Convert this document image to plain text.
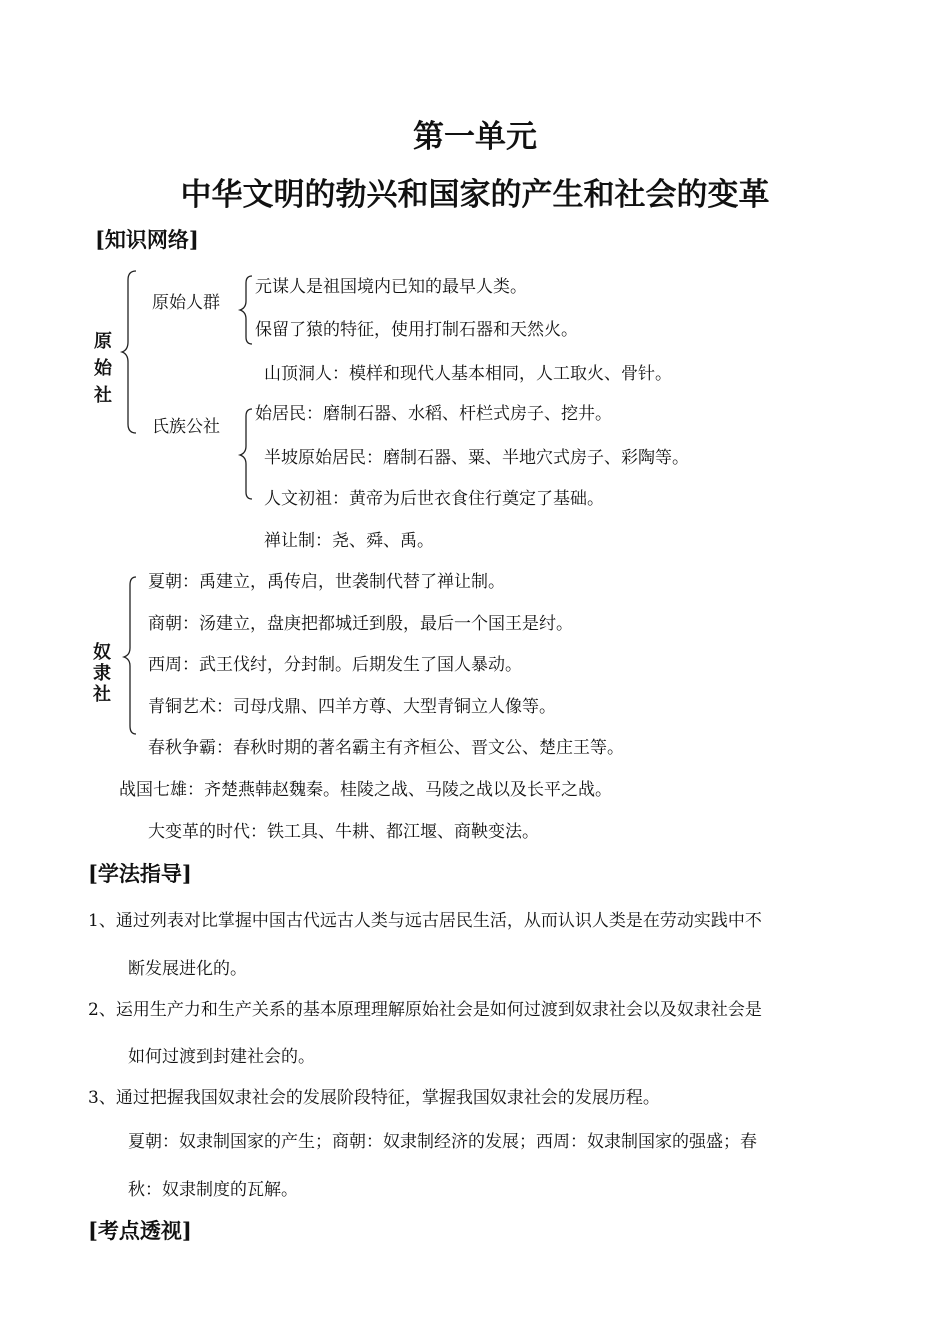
第一单元
中华文明的勃兴和国家的产生和社会的变革
[知识网络]
原始社
原始人群
元谋人是祖国境内已知的最早人类。
保留了猿的特征，使用打制石器和天然火。
山顶洞人：模样和现代人基本相同，人工取火、骨针。
氏族公社
始居民：磨制石器、水稻、杆栏式房子、挖井。
半坡原始居民：磨制石器、粟、半地穴式房子、彩陶等。
人文初祖：黄帝为后世衣食住行奠定了基础。
禅让制：尧、舜、禹。
奴隶社
夏朝：禹建立，禹传启，世袭制代替了禅让制。
商朝：汤建立，盘庚把都城迁到殷，最后一个国王是纣。
西周：武王伐纣，分封制。后期发生了国人暴动。
青铜艺术：司母戊鼎、四羊方尊、大型青铜立人像等。
春秋争霸：春秋时期的著名霸主有齐桓公、晋文公、楚庄王等。
战国七雄：齐楚燕韩赵魏秦。桂陵之战、马陵之战以及长平之战。
大变革的时代：铁工具、牛耕、都江堰、商鞅变法。
[学法指导]
1、通过列表对比掌握中国古代远古人类与远古居民生活，从而认识人类是在劳动实践中不
断发展进化的。
2、运用生产力和生产关系的基本原理理解原始社会是如何过渡到奴隶社会以及奴隶社会是
如何过渡到封建社会的。
3、通过把握我国奴隶社会的发展阶段特征，掌握我国奴隶社会的发展历程。
夏朝：奴隶制国家的产生；商朝：奴隶制经济的发展；西周：奴隶制国家的强盛；春
秋：奴隶制度的瓦解。
[考点透视]
